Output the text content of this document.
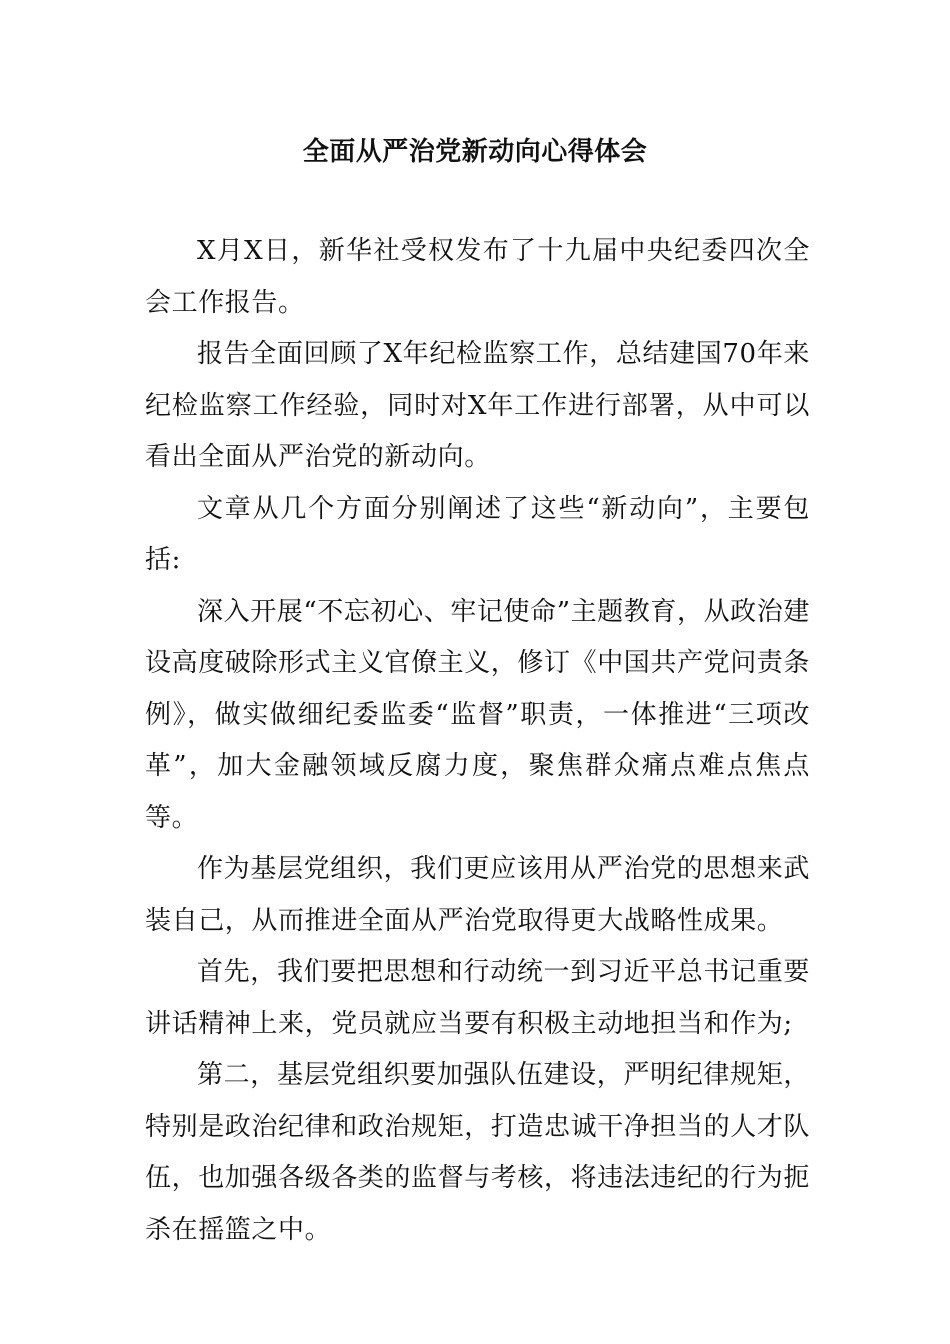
全面从严治党新动向心得体会

X月X日，新华社受权发布了十九届中央纪委四次全会工作报告。

报告全面回顾了X年纪检监察工作，总结建国70年来纪检监察工作经验，同时对X年工作进行部署，从中可以看出全面从严治党的新动向。

文章从几个方面分别阐述了这些“新动向”，主要包括:

深入开展“不忘初心、牢记使命”主题教育，从政治建设高度破除形式主义官僚主义，修订《中国共产党问责条例》，做实做细纪委监委“监督”职责，一体推进“三项改革”，加大金融领域反腐力度，聚焦群众痛点难点焦点等。

作为基层党组织，我们更应该用从严治党的思想来武装自己，从而推进全面从严治党取得更大战略性成果。

首先，我们要把思想和行动统一到习近平总书记重要讲话精神上来，党员就应当要有积极主动地担当和作为;

第二，基层党组织要加强队伍建设，严明纪律规矩，特别是政治纪律和政治规矩，打造忠诚干净担当的人才队伍，也加强各级各类的监督与考核，将违法违纪的行为扼杀在摇篮之中。
